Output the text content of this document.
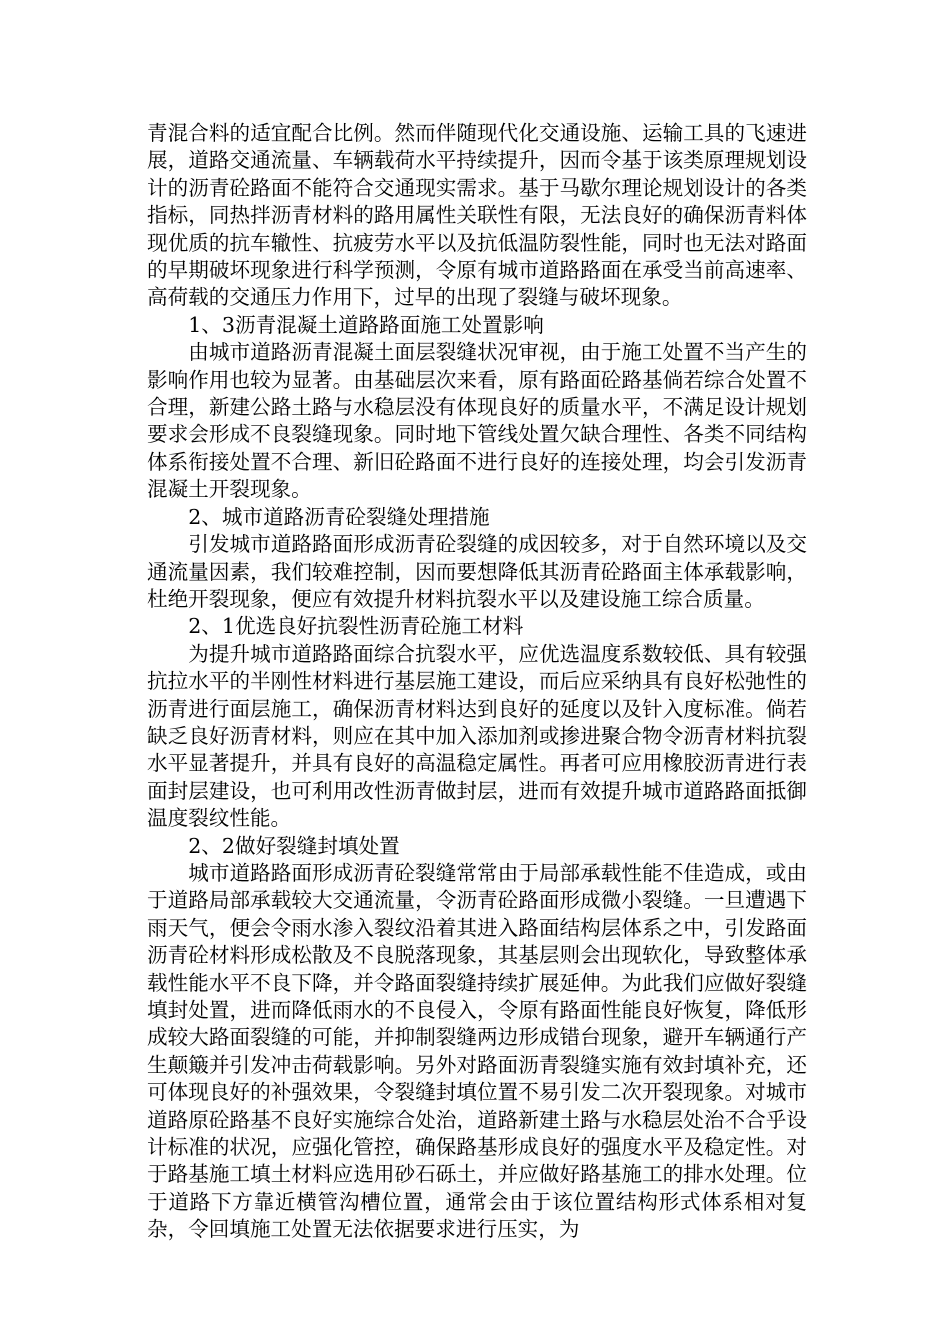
青混合料的适宜配合比例。然而伴随现代化交通设施、运输工具的飞速进展，道路交通流量、车辆载荷水平持续提升，因而令基于该类原理规划设计的沥青砼路面不能符合交通现实需求。基于马歇尔理论规划设计的各类指标，同热拌沥青材料的路用属性关联性有限，无法良好的确保沥青料体现优质的抗车辙性、抗疲劳水平以及抗低温防裂性能，同时也无法对路面的早期破坏现象进行科学预测，令原有城市道路路面在承受当前高速率、高荷载的交通压力作用下，过早的出现了裂缝与破坏现象。

1、3沥青混凝土道路路面施工处置影响

由城市道路沥青混凝土面层裂缝状况审视，由于施工处置不当产生的影响作用也较为显著。由基础层次来看，原有路面砼路基倘若综合处置不合理，新建公路土路与水稳层没有体现良好的质量水平，不满足设计规划要求会形成不良裂缝现象。同时地下管线处置欠缺合理性、各类不同结构体系衔接处置不合理、新旧砼路面不进行良好的连接处理，均会引发沥青混凝土开裂现象。

2、城市道路沥青砼裂缝处理措施

引发城市道路路面形成沥青砼裂缝的成因较多，对于自然环境以及交通流量因素，我们较难控制，因而要想降低其沥青砼路面主体承载影响，杜绝开裂现象，便应有效提升材料抗裂水平以及建设施工综合质量。

2、1优选良好抗裂性沥青砼施工材料

为提升城市道路路面综合抗裂水平，应优选温度系数较低、具有较强抗拉水平的半刚性材料进行基层施工建设，而后应采纳具有良好松弛性的沥青进行面层施工，确保沥青材料达到良好的延度以及针入度标准。倘若缺乏良好沥青材料，则应在其中加入添加剂或掺进聚合物令沥青材料抗裂水平显著提升，并具有良好的高温稳定属性。再者可应用橡胶沥青进行表面封层建设，也可利用改性沥青做封层，进而有效提升城市道路路面抵御温度裂纹性能。

2、2做好裂缝封填处置

城市道路路面形成沥青砼裂缝常常由于局部承载性能不佳造成，或由于道路局部承载较大交通流量，令沥青砼路面形成微小裂缝。一旦遭遇下雨天气，便会令雨水渗入裂纹沿着其进入路面结构层体系之中，引发路面沥青砼材料形成松散及不良脱落现象，其基层则会出现软化，导致整体承载性能水平不良下降，并令路面裂缝持续扩展延伸。为此我们应做好裂缝填封处置，进而降低雨水的不良侵入，令原有路面性能良好恢复，降低形成较大路面裂缝的可能，并抑制裂缝两边形成错台现象，避开车辆通行产生颠簸并引发冲击荷载影响。另外对路面沥青裂缝实施有效封填补充，还可体现良好的补强效果，令裂缝封填位置不易引发二次开裂现象。对城市道路原砼路基不良好实施综合处治，道路新建土路与水稳层处治不合乎设计标准的状况，应强化管控，确保路基形成良好的强度水平及稳定性。对于路基施工填土材料应选用砂石砾土，并应做好路基施工的排水处理。位于道路下方靠近横管沟槽位置，通常会由于该位置结构形式体系相对复杂，令回填施工处置无法依据要求进行压实，为
